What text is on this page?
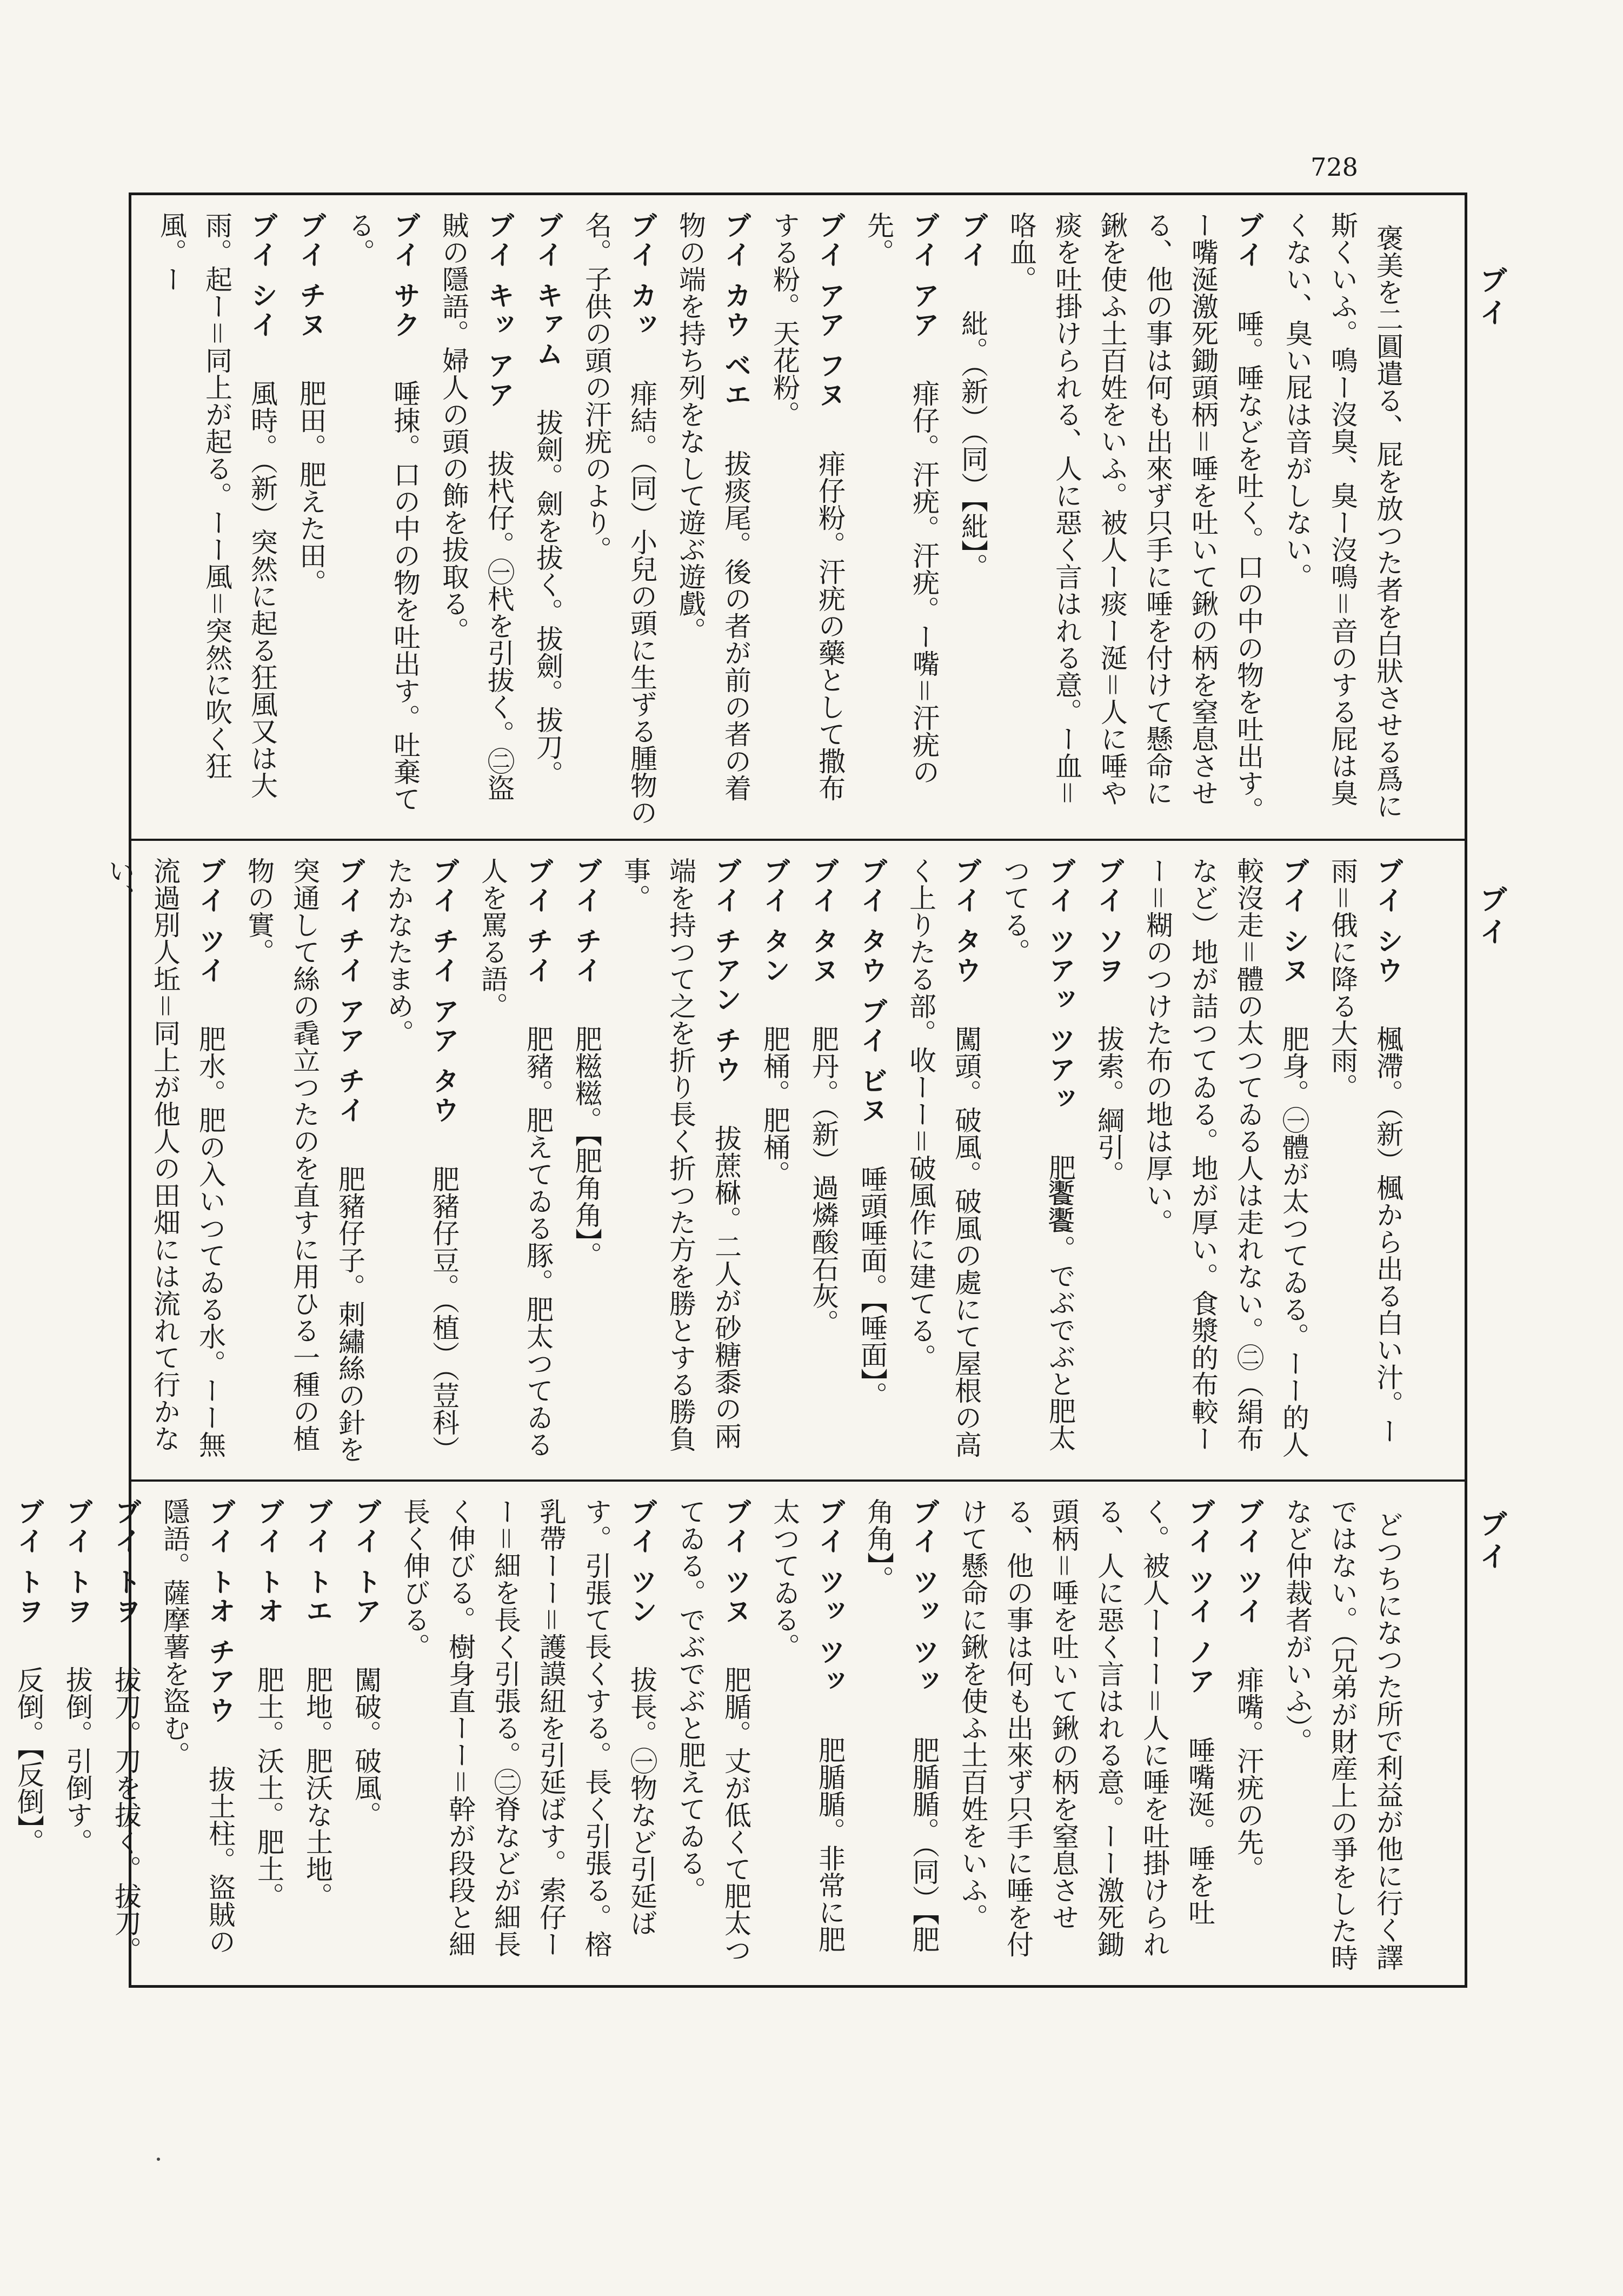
728
褒美を二圓遣る、屁を放つた者を白狀させる爲に斯くいふ。鳴ー沒臭、臭ー沒鳴＝音のする屁は臭くない、臭い屁は音がしない。
ブイ　唾。唾などを吐く。口の中の物を吐出す。ー嘴涎激死鋤頭柄＝唾を吐いて鍬の柄を窒息させる、他の事は何も出來ず只手に唾を付けて懸命に鍬を使ふ土百姓をいふ。被人ー痰ー涎＝人に唾や痰を吐掛けられる、人に惡く言はれる意。ー血＝咯血。
ブイ　紕。（新）（同）【紕】。
ブイ アア　痱仔。汗疣。汗疣。ー嘴＝汗疣の先。
ブイ アア フヌ　痱仔粉。汗疣の藥として撒布する粉。天花粉。
ブイ カウ ベエ　拔痰尾。後の者が前の者の着物の端を持ち列をなして遊ぶ遊戲。
ブイ カッ　痱結。（同）小兒の頭に生ずる腫物の名。子供の頭の汗疣のより。
ブイ キァム　拔劍。劍を拔く。拔劍。拔刀。
ブイ キッ アア　拔杙仔。㊀杙を引拔く。㊁盜賊の隱語。婦人の頭の飾を拔取る。
ブイ サク　唾捒。口の中の物を吐出す。吐棄てる。
ブイ チヌ　肥田。肥えた田。
ブイ シイ　風時。（新）突然に起る狂風又は大雨。起ー＝同上が起る。ーー風＝突然に吹く狂風。ー
ブイ シウ　楓滯。（新）楓から出る白い汁。ー雨＝俄に降る大雨。
ブイ シヌ　肥身。㊀體が太つてゐる。ーー的人較沒走＝體の太つてゐる人は走れない。㊁（絹布など）地が詰つてゐる。地が厚い。食漿的布較ーー＝糊のつけた布の地は厚い。
ブイ ソヲ　拔索。綱引。
ブイ ツアッ ツアッ　肥𩟗𩟗。でぶでぶと肥太つてる。
ブイ タウ　闖頭。破風。破風の處にて屋根の高く上りたる部。收ーー＝破風作に建てる。
ブイ タウ ブイ ビヌ　唾頭唾面。【唾面】。
ブイ タヌ　肥丹。（新）過燐酸石灰。
ブイ タン　肥桶。肥桶。
ブイ チアン チウ　拔蔗㮟。二人が砂糖黍の兩端を持つて之を折り長く折つた方を勝とする勝負事。
ブイ チイ　肥糍糍。【肥角角】。
ブイ チイ　肥豬。肥えてゐる豚。肥太つてゐる人を罵る語。
ブイ チイ アア タウ　肥豬仔豆。（植）（荳科）たかなたまめ。
ブイ チイ アア チイ　肥豬仔子。刺繡絲の針を突通して絲の毳立つたのを直すに用ひる一種の植物の實。
ブイ ツイ　肥水。肥の入いつてゐる水。ーー無流過別人坵＝同上が他人の田畑には流れて行かない、
どつちになつた所で利益が他に行く譯ではない。（兄弟が財産上の爭をした時など仲裁者がいふ）。
ブイ ツイ　痱嘴。汗疣の先。
ブイ ツイ ノア　唾嘴涎。唾を吐く。被人ーーー＝人に唾を吐掛けられる、人に惡く言はれる意。ーー激死鋤頭柄＝唾を吐いて鍬の柄を窒息させる、他の事は何も出來ず只手に唾を付けて懸命に鍬を使ふ土百姓をいふ。
ブイ ツッ ツッ　肥腯腯。（同）【肥角角】。
ブイ ツッ ツッ　肥腯腯。非常に肥太つてゐる。
ブイ ツヌ　肥腯。丈が低くて肥太つてゐる。でぶでぶと肥えてゐる。
ブイ ツン　拔長。㊀物など引延ばす。引張て長くする。長く引張る。榕乳帶ーー＝護謨紐を引延ばす。索仔ーー＝細を長く引張る。㊁脊などが細長く伸びる。樹身直ーー＝幹が段段と細長く伸びる。
ブイ トア　闖破。破風。
ブイ トエ　肥地。肥沃な土地。
ブイ トオ　肥土。沃土。肥土。
ブイ トオ チアウ　拔土柱。盜賊の隱語。薩摩薯を盜む。
ブイ トヲ　拔刀。刀を拔く。拔刀。
ブイ トヲ　拔倒。引倒す。
ブイ トヲ　反倒。【反倒】。
ブイ
ブイ
ブイ
